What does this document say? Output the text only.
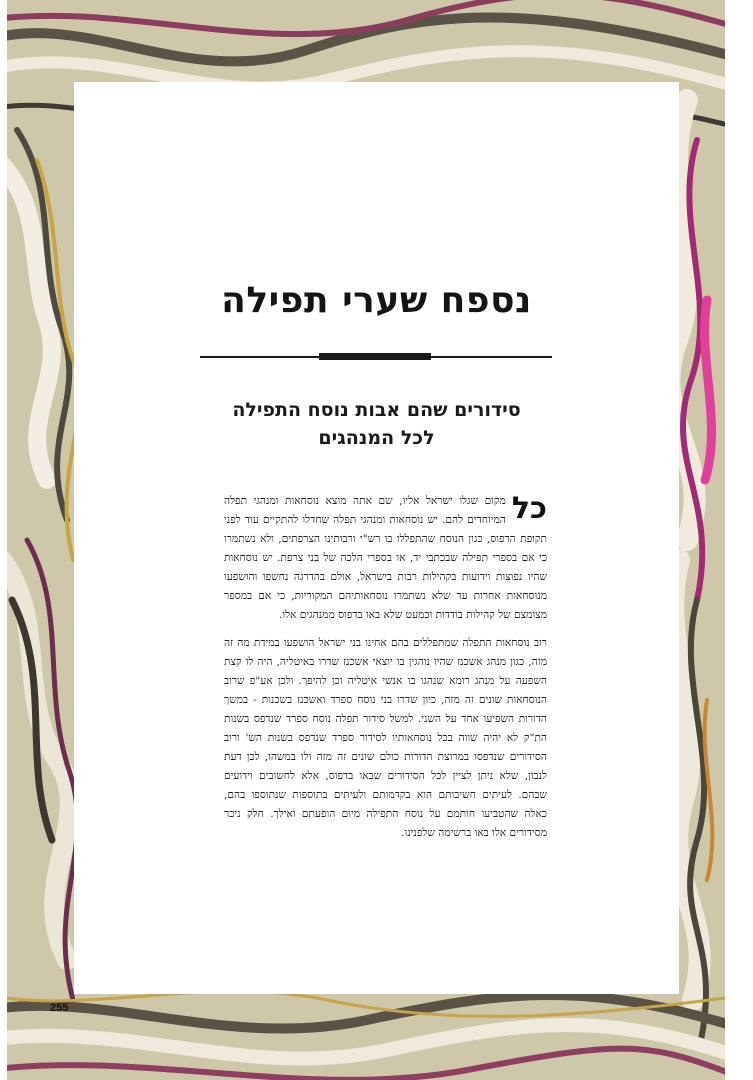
נספח שערי תפילה
סידורים שהם אבות נוסח התפילה
לכל המנהגים

כל
מקום שגלו ישראל אליו, שם אתה מוצא נוסחאות ומנהגי תפלה המיוחדים להם. יש נוסחאות ומנהגי תפלה שחדלו להתקיים עוד לפני תקופת הדפוס, כגון הנוסח שהתפללו בו רש"י ורבותינו הצרפתים, ולא נשתמרו כי אם בספרי תפילה שבכתבי יד, או בספרי הלכה של בני צרפת. יש נוסחאות שהיו נפוצות וידועות בקהילות רבות בישראל, אולם בהדרגה נחשפו והושפעו מנוסחאות אחרות עד שלא נשתמרו נוסחאותיהם המקוריות, כי אם במספר מצומצם של קהילות בודדות וכמעט שלא באו בדפוס ממנהגים אלו.

רוב נוסחאות התפלה שמתפללים בהם אחינו בני ישראל הושפעו במידת מה זה מזה, כגון מנהג אשכנז שהיו נוהגין בו יוצאי אשכנז שדרו באיטליה, היה לו קצת השפעה על מנהג רומא שנהגו בו אנשי איטליה וכן להיפך. ולכן אע"פ שרוב הנוסחאות שונים זה מזה, כיון שדרו בני נוסח ספרד ואשכנז בשכנות - במשך הדורות השפיעו אחד על השני. למשל סידור תפלה נוסח ספרד שנדפס בשנות הת"ק לא יהיה שווה בכל נוסחאותיו לסידור ספרד שנדפס בשנות הש' ורוב הסידורים שנדפסו במרוצת הדורות כולם שונים זה מזה ולו במשהו, לכן דעת לנבון, שלא ניתן לציין לכל הסידורים שבאו בדפוס, אלא לחשובים וידועים שבהם. לעיתים חשיבותם הוא בקדמותם ולעיתים בתוספות שנתוספו בהם, כאלה שהטביעו חותמם על נוסח התפילה מיום הופעתם ואילך. חלק ניכר מסידורים אלו באו ברשימה שלפנינו.

255
